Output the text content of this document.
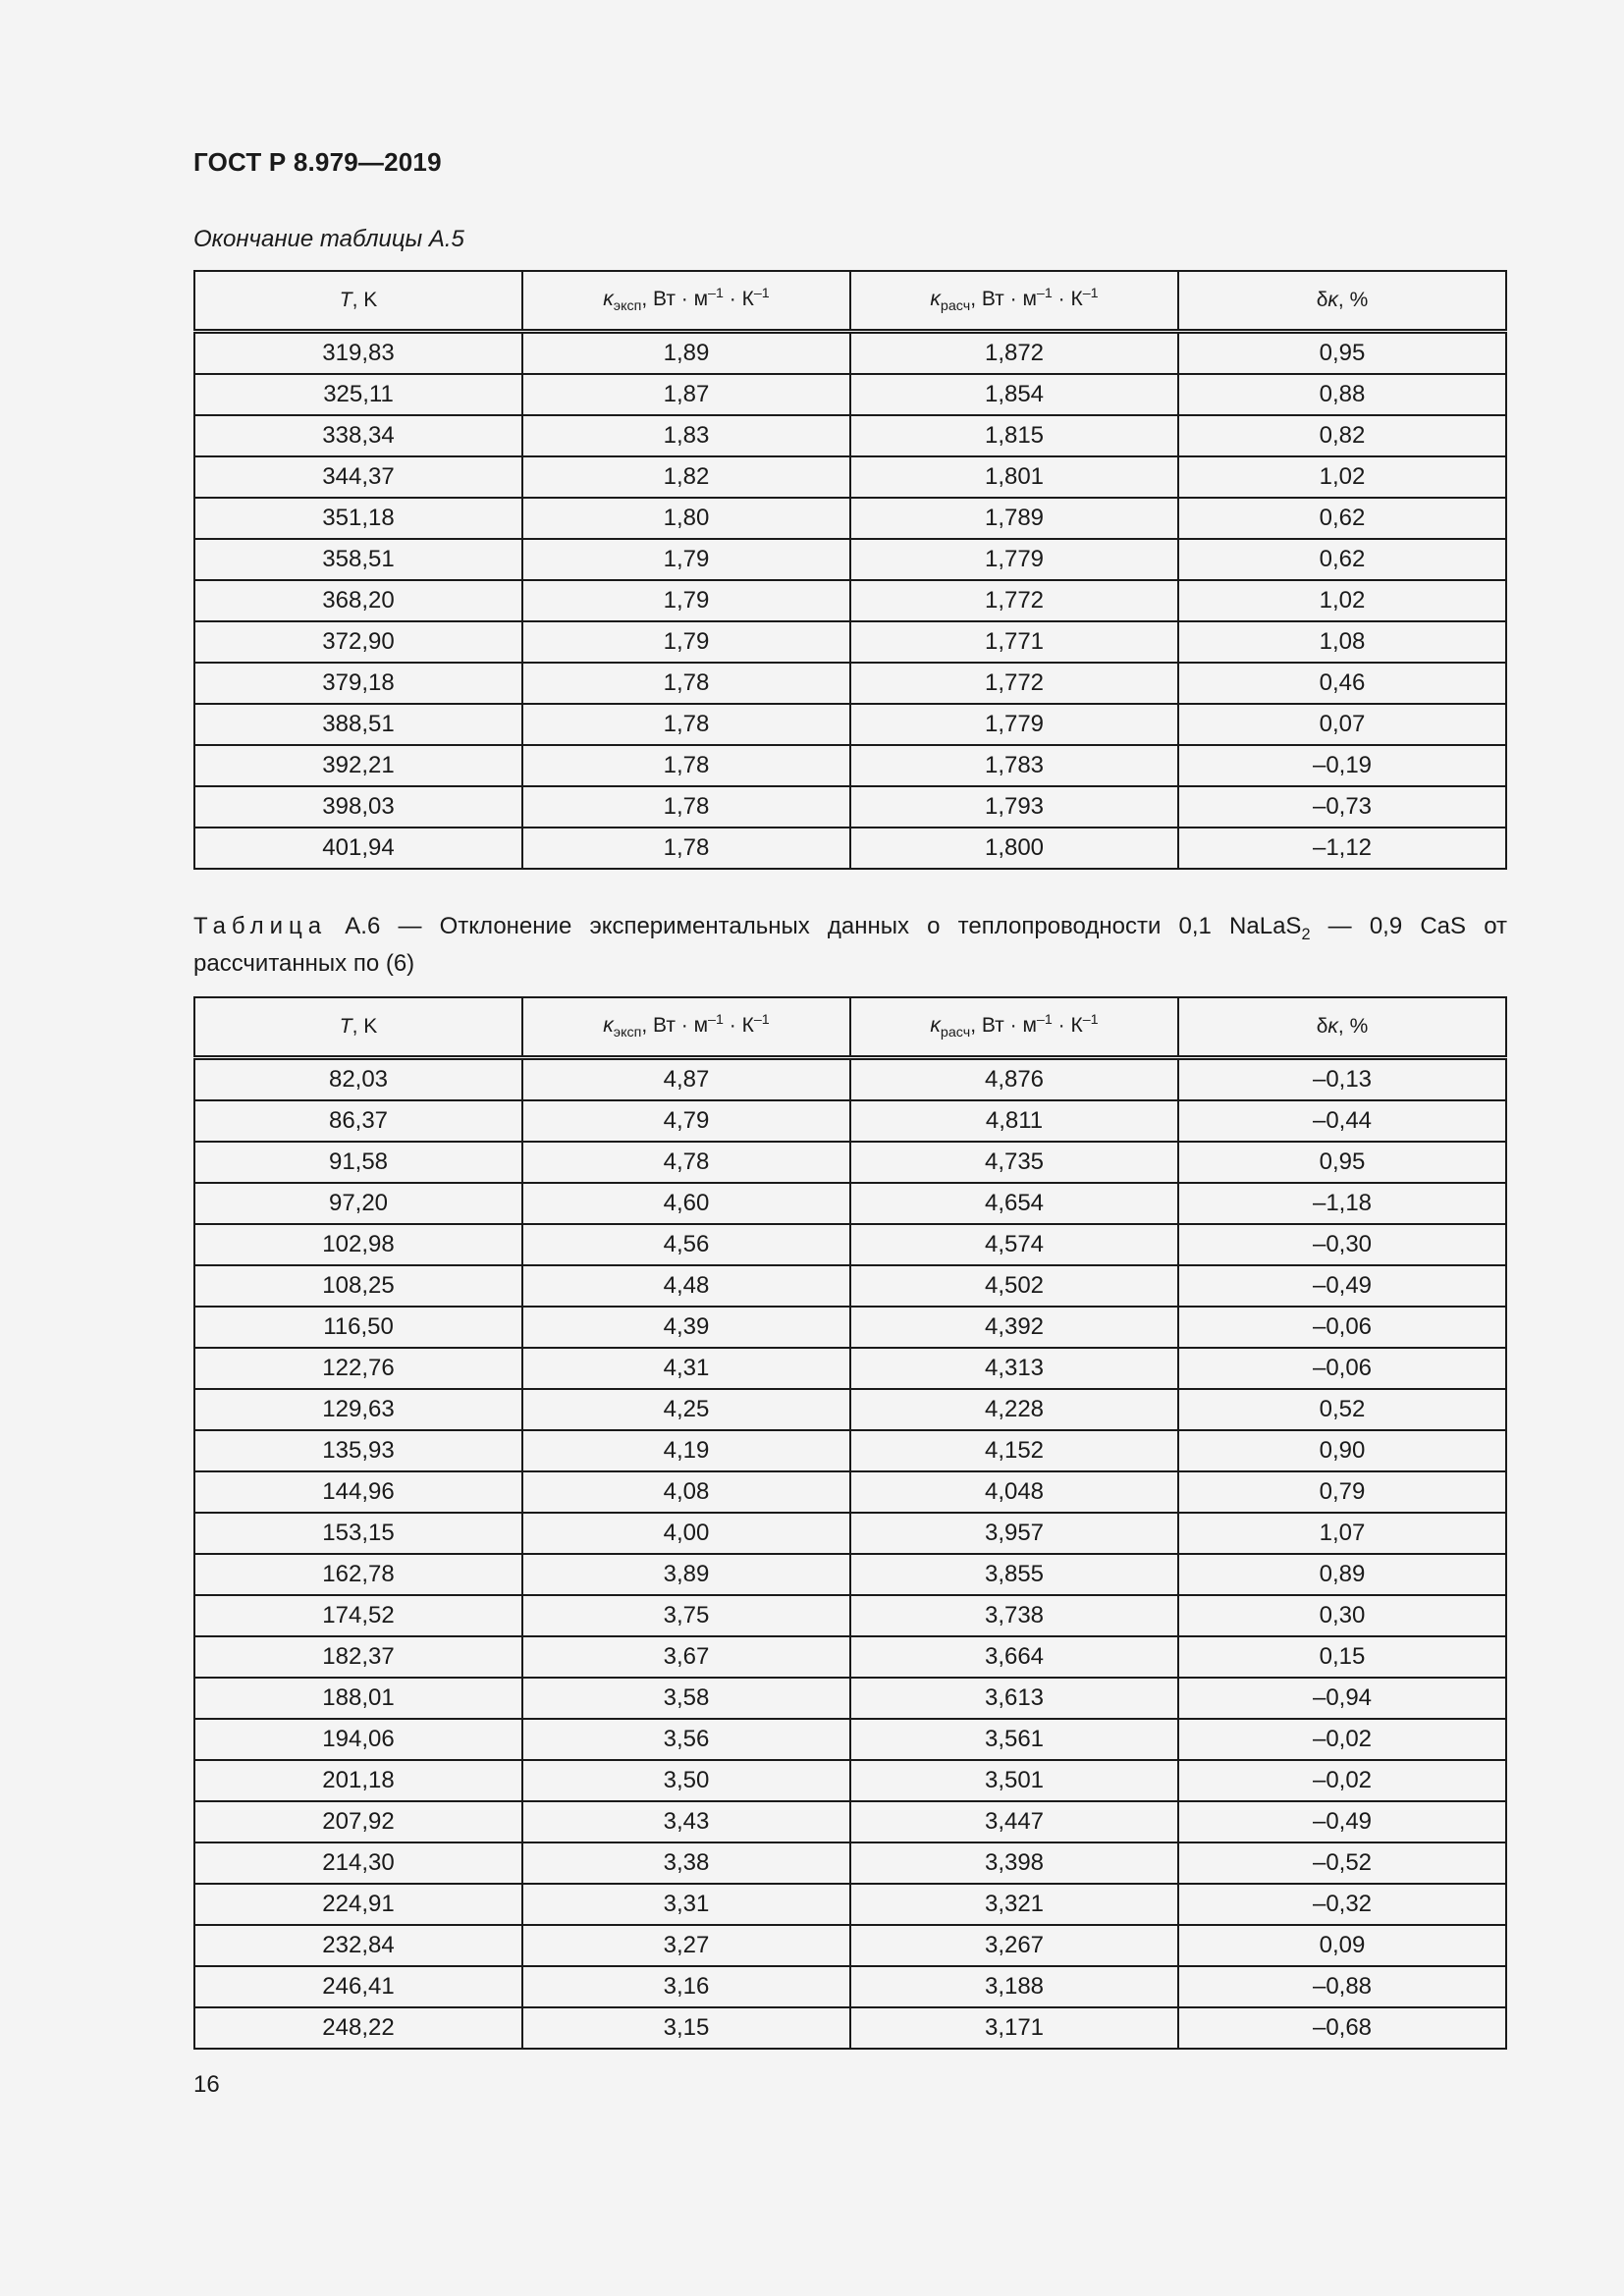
ГОСТ Р 8.979—2019
Окончание таблицы А.5
T, K	$\kappa_{эксп}$, Вт · $м^{-1} \cdot К^{-1}$	$\kappa_{расч}$, Вт · $м^{-1} \cdot К^{-1}$	δκ, %
319,83	1,89	1,872	0,95
325,11	1,87	1,854	0,88
338,34	1,83	1,815	0,82
344,37	1,82	1,801	1,02
351,18	1,80	1,789	0,62
358,51	1,79	1,779	0,62
368,20	1,79	1,772	1,02
372,90	1,79	1,771	1,08
379,18	1,78	1,772	0,46
388,51	1,78	1,779	0,07
392,21	1,78	1,783	–0,19
398,03	1,78	1,793	–0,73
401,94	1,78	1,800	–1,12
Таблица А.6 — Отклонение экспериментальных данных о теплопроводности 0,1 NaLaS$_2$ — 0,9 CaS от рассчитанных по (6)
T, K	$\kappa_{эксп}$, Вт · $м^{-1} \cdot К^{-1}$	$\kappa_{расч}$, Вт · $м^{-1} \cdot К^{-1}$	δκ, %
82,03	4,87	4,876	–0,13
86,37	4,79	4,811	–0,44
91,58	4,78	4,735	0,95
97,20	4,60	4,654	–1,18
102,98	4,56	4,574	–0,30
108,25	4,48	4,502	–0,49
116,50	4,39	4,392	–0,06
122,76	4,31	4,313	–0,06
129,63	4,25	4,228	0,52
135,93	4,19	4,152	0,90
144,96	4,08	4,048	0,79
153,15	4,00	3,957	1,07
162,78	3,89	3,855	0,89
174,52	3,75	3,738	0,30
182,37	3,67	3,664	0,15
188,01	3,58	3,613	–0,94
194,06	3,56	3,561	–0,02
201,18	3,50	3,501	–0,02
207,92	3,43	3,447	–0,49
214,30	3,38	3,398	–0,52
224,91	3,31	3,321	–0,32
232,84	3,27	3,267	0,09
246,41	3,16	3,188	–0,88
248,22	3,15	3,171	–0,68
16
